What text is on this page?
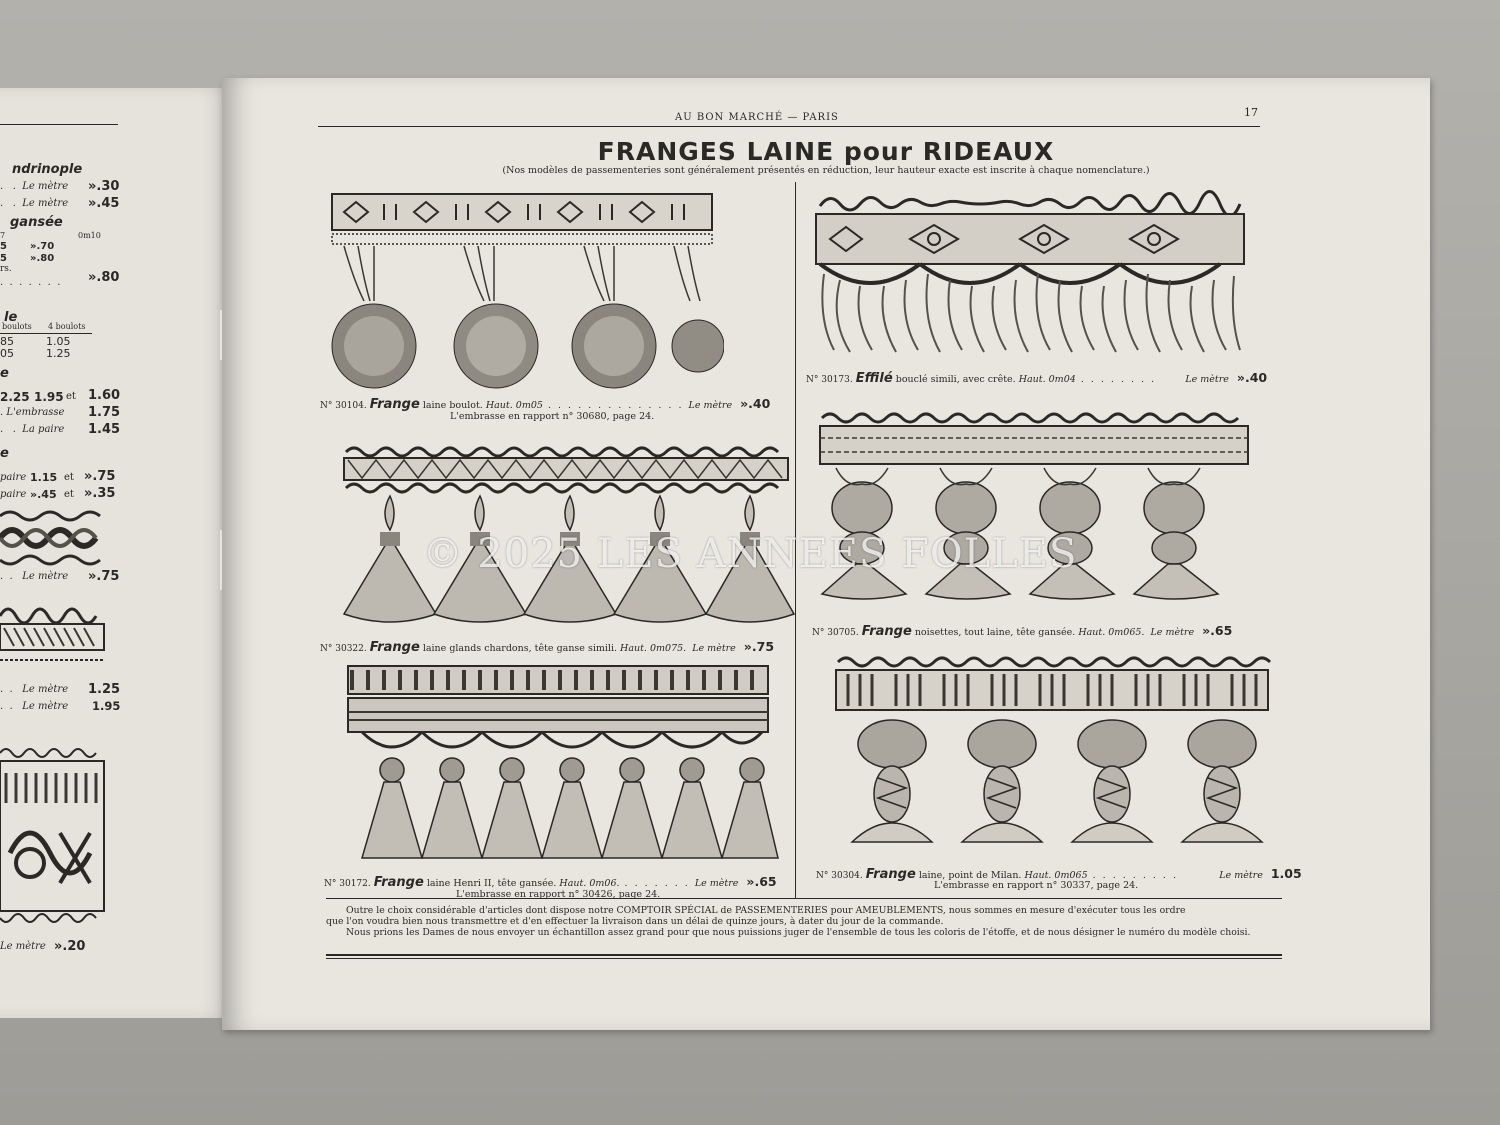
ndrinople
.   .  Le mètre ».30
.   .  Le mètre ».45
gansée
7	0m10
5 ».70
5 ».80
rs.
.  .  .  .  .  .  . ».80
le
boulots 4 boulots
85	1.05
05	1.25
e
2.25 1.95 et 1.60
. L'embrasse 1.75
.   .  La paire 1.45
e
paire 1.15 et ».75
paire ».45 et ».35
.  .   Le mètre ».75
.  .   Le mètre 1.25
.  .   Le mètre 1.95
Le mètre ».20
AU BON MARCHÉ — PARIS	17
FRANGES LAINE pour RIDEAUX
(Nos modèles de passementeries sont généralement présentés en réduction, leur hauteur exacte est inscrite à chaque nomenclature.)
N° 30104. Frange laine boulot. Haut. 0m05 . . . . . . . . . . . . . . Le mètre ».40
L'embrasse en rapport n° 30680, page 24.
N° 30173. Effilé bouclé simili, avec crête. Haut. 0m04 . . . . . . . .	Le mètre ».40
N° 30322. Frange laine glands chardons, tête ganse simili. Haut. 0m075. Le mètre ».75
N° 30705. Frange noisettes, tout laine, tête gansée. Haut. 0m065. Le mètre ».65
N° 30172. Frange laine Henri II, tête gansée. Haut. 0m06. . . . . . . . Le mètre ».65
L'embrasse en rapport n° 30426, page 24.
N° 30304. Frange laine, point de Milan. Haut. 0m065 . . . . . . . . .	Le mètre 1.05
L'embrasse en rapport n° 30337, page 24.
Outre le choix considérable d'articles dont dispose notre COMPTOIR SPÉCIAL de PASSEMENTERIES pour AMEUBLEMENTS, nous sommes en mesure d'exécuter tous les ordre
que l'on voudra bien nous transmettre et d'en effectuer la livraison dans un délai de quinze jours, à dater du jour de la commande.
Nous prions les Dames de nous envoyer un échantillon assez grand pour que nous puissions juger de l'ensemble de tous les coloris de l'étoffe, et de nous désigner le numéro du modèle choisi.
© 2025 LES ANNEES FOLLES
